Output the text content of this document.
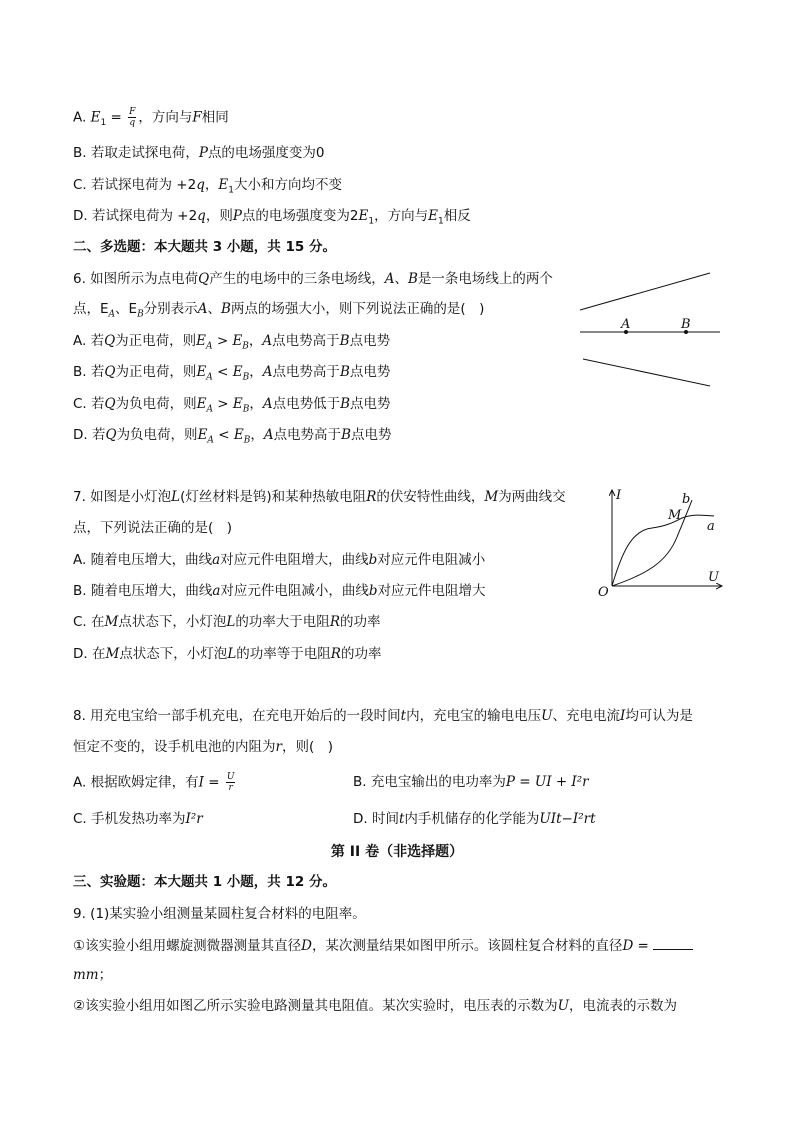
A. $E_1 = \frac{F}{q}$ ，方向与F相同
B. 若取走试探电荷，P点的电场强度变为0
C. 若试探电荷为 +2q，$E_1$大小和方向均不变
D. 若试探电荷为 +2q，则P点的电场强度变为$2E_1$，方向与$E_1$相反
二、多选题：本大题共 3 小题，共 15 分。
6. 如图所示为点电荷Q产生的电场中的三条电场线，A、B是一条电场线上的两个
点，$E_A$、$E_B$分别表示A、B两点的场强大小，则下列说法正确的是(　)
A. 若Q为正电荷，则$E_A > E_B$，A点电势高于B点电势
B. 若Q为正电荷，则$E_A < E_B$，A点电势高于B点电势
C. 若Q为负电荷，则$E_A > E_B$，A点电势低于B点电势
D. 若Q为负电荷，则$E_A < E_B$，A点电势高于B点电势
A	B
7. 如图是小灯泡L(灯丝材料是钨)和某种热敏电阻R的伏安特性曲线，M为两曲线交
点，下列说法正确的是(　)
A. 随着电压增大，曲线a对应元件电阻增大，曲线b对应元件电阻减小
B. 随着电压增大，曲线a对应元件电阻减小，曲线b对应元件电阻增大
C. 在M点状态下，小灯泡L的功率大于电阻R的功率
D. 在M点状态下，小灯泡L的功率等于电阻R的功率
I
U
O
M
a
b
8. 用充电宝给一部手机充电，在充电开始后的一段时间t内，充电宝的输电电压U、充电电流I均可认为是
恒定不变的，设手机电池的内阻为r，则(　)
A. 根据欧姆定律，有$I = \frac{U}{r}$	B. 充电宝输出的电功率为P = UI + I²r
C. 手机发热功率为I²r	D. 时间t内手机储存的化学能为UIt−I²rt
第 II 卷（非选择题）
三、实验题：本大题共 1 小题，共 12 分。
9. (1)某实验小组测量某圆柱复合材料的电阻率。
①该实验小组用螺旋测微器测量其直径D，某次测量结果如图甲所示。该圆柱复合材料的直径D =
mm；
②该实验小组用如图乙所示实验电路测量其电阻值。某次实验时，电压表的示数为U，电流表的示数为
